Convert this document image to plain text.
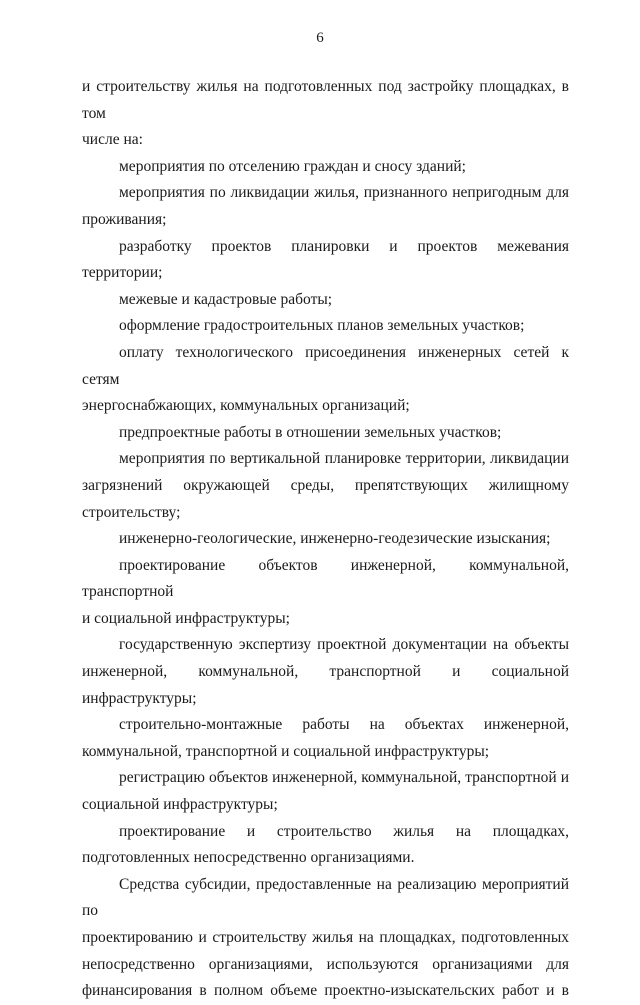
6
и строительству жилья на подготовленных под застройку площадках, в том
числе на:
мероприятия по отселению граждан и сносу зданий;
мероприятия по ликвидации жилья, признанного непригодным для
проживания;
разработку проектов планировки и проектов межевания территории;
межевые и кадастровые работы;
оформление градостроительных планов земельных участков;
оплату технологического присоединения инженерных сетей к сетям
энергоснабжающих, коммунальных организаций;
предпроектные работы в отношении земельных участков;
мероприятия по вертикальной планировке территории, ликвидации
загрязнений окружающей среды, препятствующих жилищному
строительству;
инженерно-геологические, инженерно-геодезические изыскания;
проектирование объектов инженерной, коммунальной, транспортной
и социальной инфраструктуры;
государственную экспертизу проектной документации на объекты
инженерной, коммунальной, транспортной и социальной инфраструктуры;
строительно-монтажные работы на объектах инженерной,
коммунальной, транспортной и социальной инфраструктуры;
регистрацию объектов инженерной, коммунальной, транспортной и
социальной инфраструктуры;
проектирование и строительство жилья на площадках,
подготовленных непосредственно организациями.
Средства субсидии, предоставленные на реализацию мероприятий по
проектированию и строительству жилья на площадках, подготовленных
непосредственно организациями, используются организациями для
финансирования в полном объеме проектно-изыскательских работ и в
